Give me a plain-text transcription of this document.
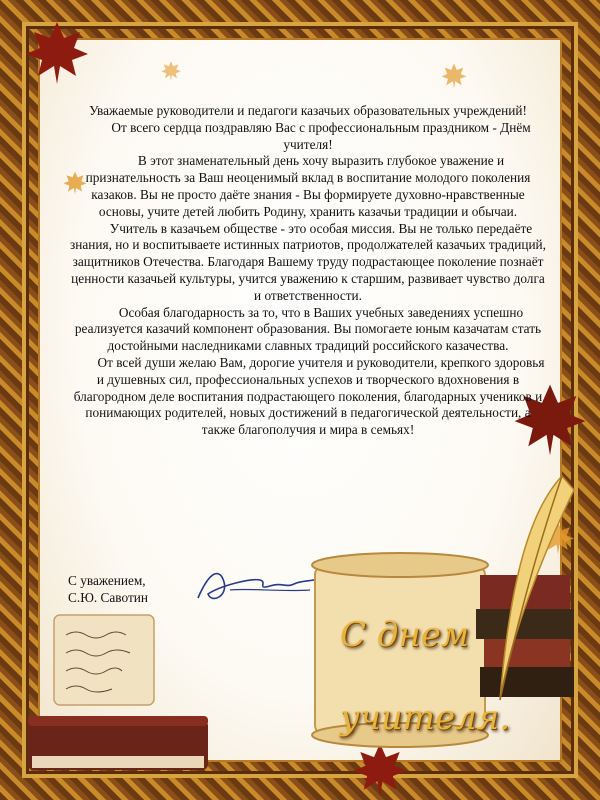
Уважаемые руководители и педагоги казачьих образовательных учреждений!

От всего сердца поздравляю Вас с профессиональным праздником - Днём учителя!

В этот знаменательный день хочу выразить глубокое уважение и признательность за Ваш неоценимый вклад в воспитание молодого поколения казаков. Вы не просто даёте знания - Вы формируете духовно-нравственные основы, учите детей любить Родину, хранить казачьи традиции и обычаи.

Учитель в казачьем обществе - это особая миссия. Вы не только передаёте знания, но и воспитываете истинных патриотов, продолжателей казачьих традиций, защитников Отечества. Благодаря Вашему труду подрастающее поколение познаёт ценности казачьей культуры, учится уважению к старшим, развивает чувство долга и ответственности.

Особая благодарность за то, что в Ваших учебных заведениях успешно реализуется казачий компонент образования. Вы помогаете юным казачатам стать достойными наследниками славных традиций российского казачества.

От всей души желаю Вам, дорогие учителя и руководители, крепкого здоровья и душевных сил, профессиональных успехов и творческого вдохновения в благородном деле воспитания подрастающего поколения, благодарных учеников и понимающих родителей, новых достижений в педагогической деятельности, а также благополучия и мира в семьях!

С уважением,
С.Ю. Савотин
С днем
учителя.
